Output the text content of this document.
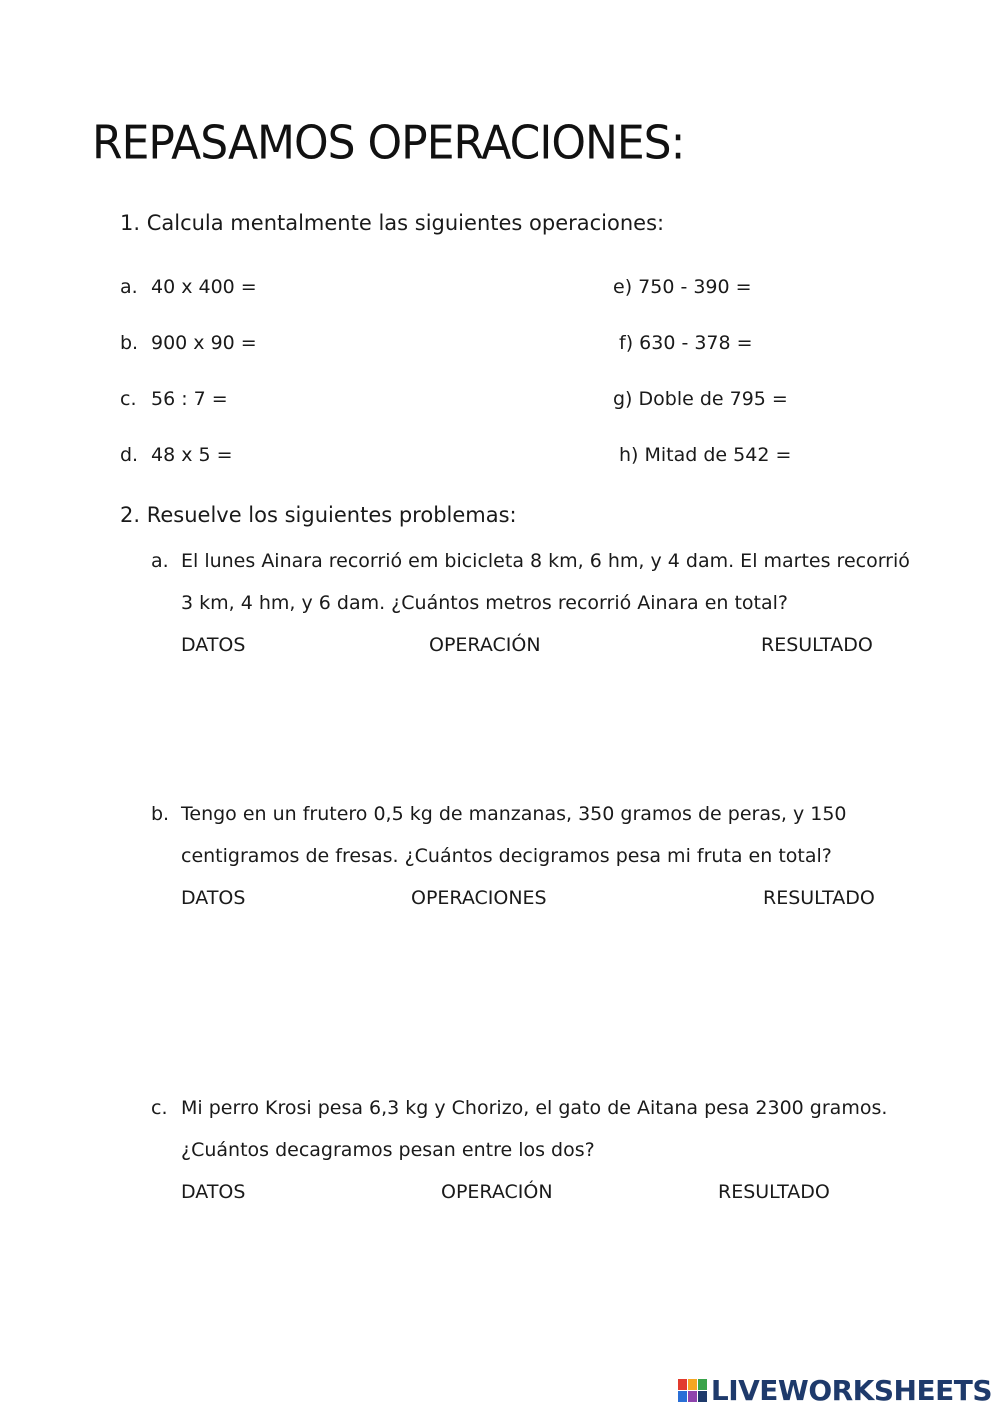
REPASAMOS OPERACIONES:
1. Calcula mentalmente las siguientes operaciones:
a. 40 x 400 =
b. 900 x 90 =
c. 56 : 7 =
d. 48 x 5 =
e) 750 - 390 =
f) 630 - 378 =
g) Doble de 795 =
h) Mitad de 542 =
2. Resuelve los siguientes problemas:
a. El lunes Ainara recorrió em bicicleta 8 km, 6 hm, y 4 dam. El martes recorrió
3 km, 4 hm, y 6 dam. ¿Cuántos metros recorrió Ainara en total?
DATOS	OPERACIÓN	RESULTADO
b. Tengo en un frutero 0,5 kg de manzanas, 350 gramos de peras, y 150
centigramos de fresas. ¿Cuántos decigramos pesa mi fruta en total?
DATOS	OPERACIONES	RESULTADO
c. Mi perro Krosi pesa 6,3 kg y Chorizo, el gato de Aitana pesa 2300 gramos.
¿Cuántos decagramos pesan entre los dos?
DATOS	OPERACIÓN	RESULTADO
LIVEWORKSHEETS
